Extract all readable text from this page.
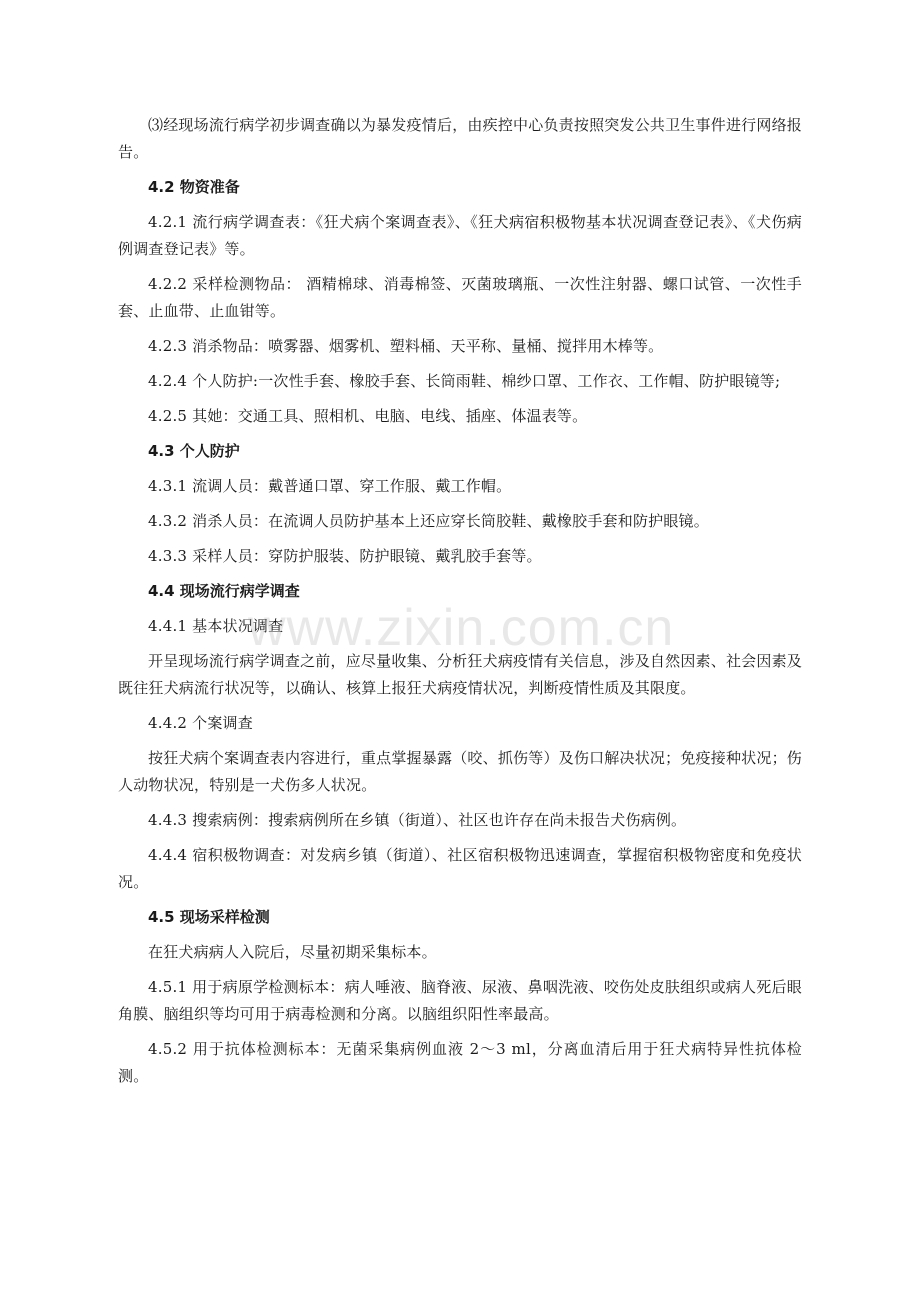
⑶经现场流行病学初步调查确以为暴发疫情后，由疾控中心负责按照突发公共卫生事件进行网络报告。

4.2 物资准备

4.2.1 流行病学调查表：《狂犬病个案调查表》、《狂犬病宿积极物基本状况调查登记表》、《犬伤病例调查登记表》等。

4.2.2 采样检测物品： 酒精棉球、消毒棉签、灭菌玻璃瓶、一次性注射器、螺口试管、一次性手套、止血带、止血钳等。

4.2.3 消杀物品：喷雾器、烟雾机、塑料桶、天平称、量桶、搅拌用木棒等。

4.2.4 个人防护:一次性手套、橡胶手套、长筒雨鞋、棉纱口罩、工作衣、工作帽、防护眼镜等;

4.2.5 其她：交通工具、照相机、电脑、电线、插座、体温表等。

4.3 个人防护

4.3.1 流调人员：戴普通口罩、穿工作服、戴工作帽。

4.3.2 消杀人员：在流调人员防护基本上还应穿长筒胶鞋、戴橡胶手套和防护眼镜。

4.3.3 采样人员：穿防护服装、防护眼镜、戴乳胶手套等。

4.4 现场流行病学调查

4.4.1 基本状况调查

开呈现场流行病学调查之前，应尽量收集、分析狂犬病疫情有关信息，涉及自然因素、社会因素及既往狂犬病流行状况等，以确认、核算上报狂犬病疫情状况，判断疫情性质及其限度。

4.4.2 个案调查

按狂犬病个案调查表内容进行，重点掌握暴露（咬、抓伤等）及伤口解决状况；免疫接种状况；伤人动物状况，特别是一犬伤多人状况。

4.4.3 搜索病例：搜索病例所在乡镇（街道）、社区也许存在尚未报告犬伤病例。

4.4.4 宿积极物调查：对发病乡镇（街道）、社区宿积极物迅速调查，掌握宿积极物密度和免疫状况。

4.5 现场采样检测

在狂犬病病人入院后，尽量初期采集标本。

4.5.1 用于病原学检测标本：病人唾液、脑脊液、尿液、鼻咽洗液、咬伤处皮肤组织或病人死后眼角膜、脑组织等均可用于病毒检测和分离。以脑组织阳性率最高。

4.5.2 用于抗体检测标本：无菌采集病例血液 2～3 ml，分离血清后用于狂犬病特异性抗体检测。

www.zixin.com.cn
